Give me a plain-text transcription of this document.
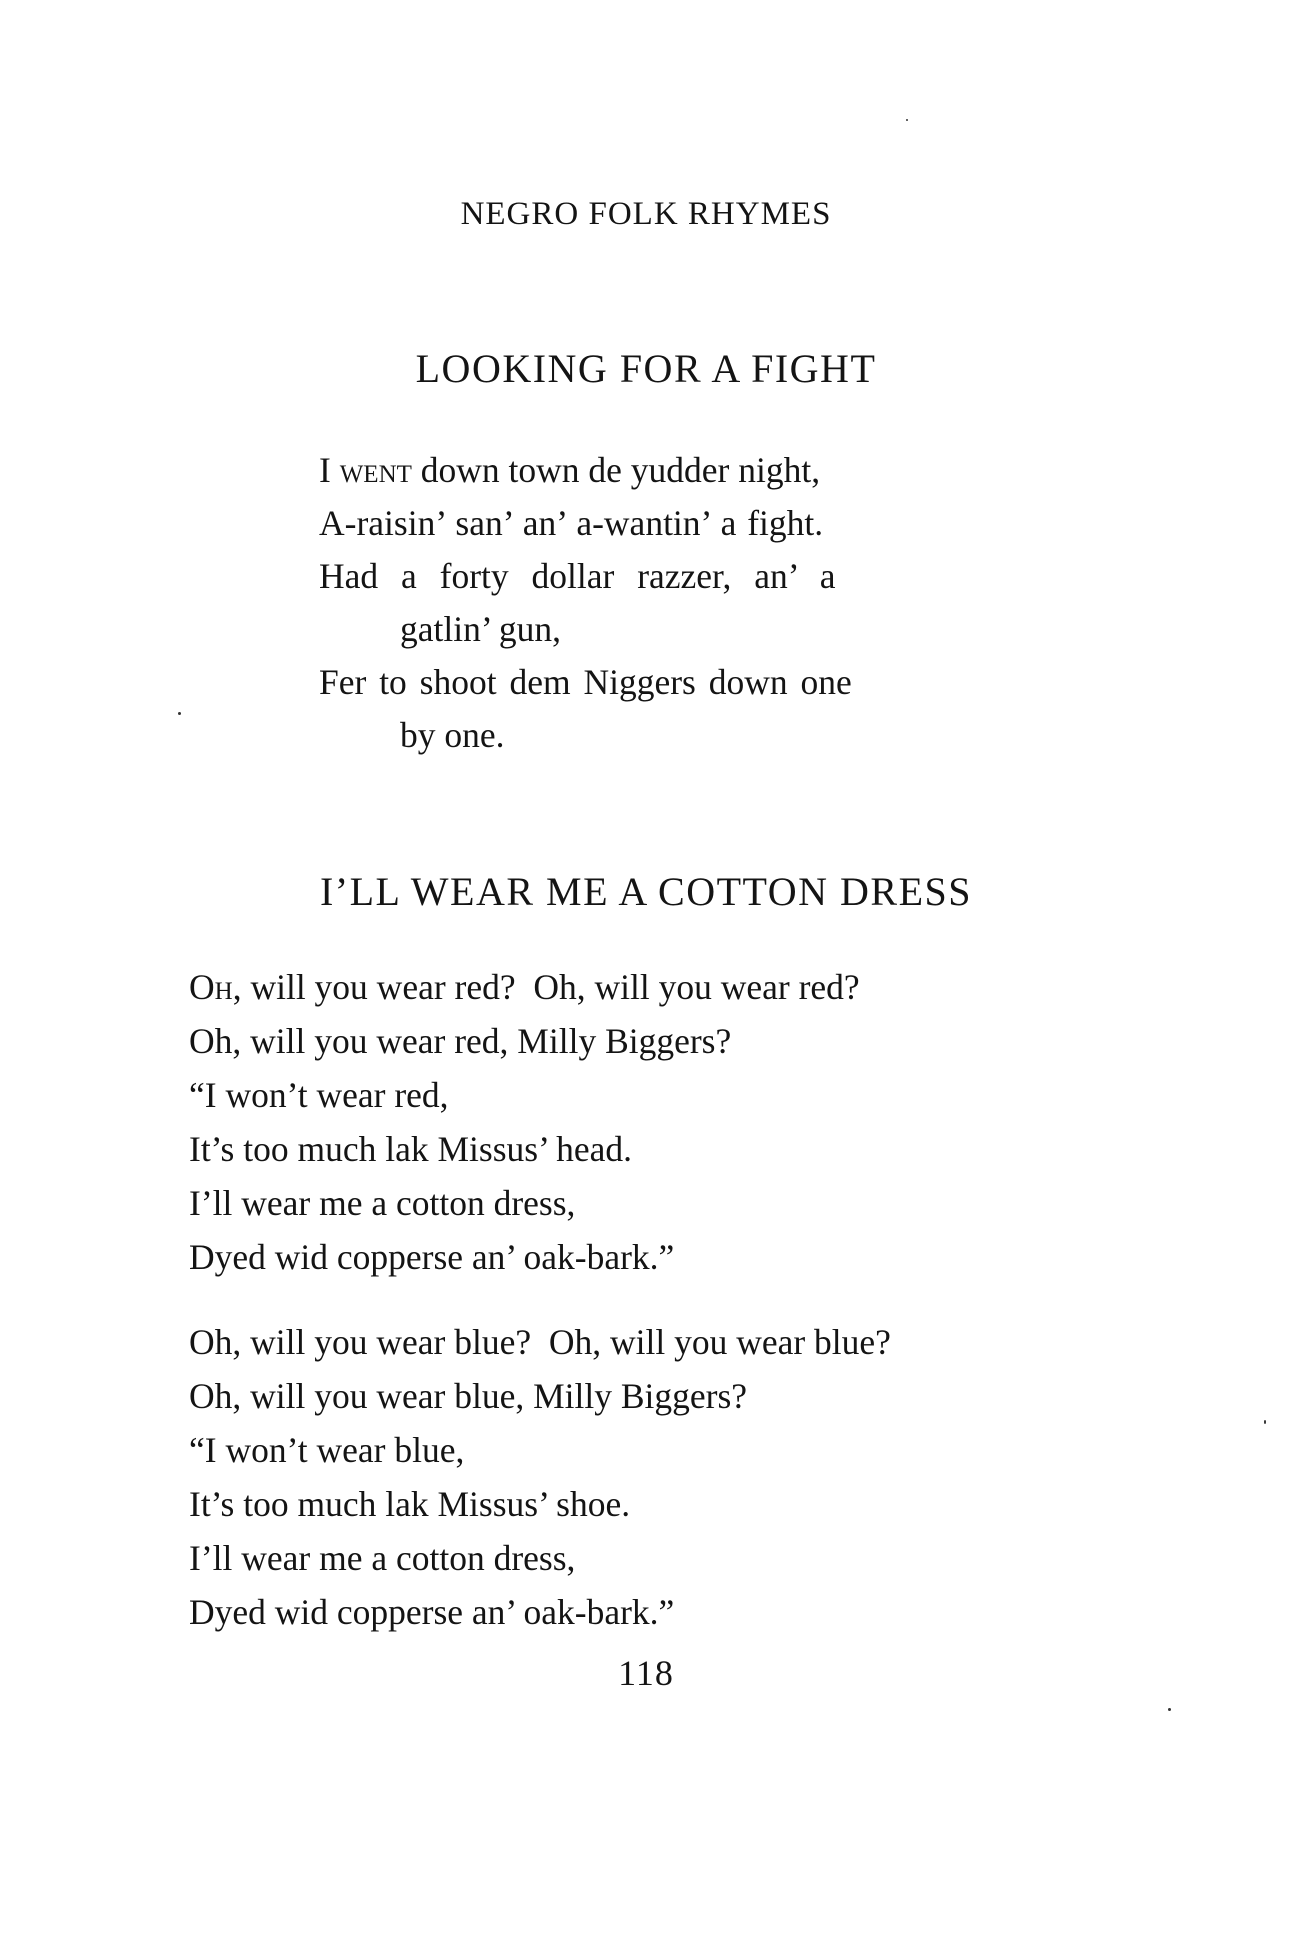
NEGRO FOLK RHYMES
LOOKING FOR A FIGHT
I went down town de yudder night,
A-raisin’ san’ an’ a-wantin’ a fight.
Had a forty dollar razzer, an’ a
gatlin’ gun,
Fer to shoot dem Niggers down one
by one.
I’LL WEAR ME A COTTON DRESS
Oh, will you wear red?  Oh, will you wear red?
Oh, will you wear red, Milly Biggers?
“I won’t wear red,
It’s too much lak Missus’ head.
I’ll wear me a cotton dress,
Dyed wid copperse an’ oak-bark.”
Oh, will you wear blue?  Oh, will you wear blue?
Oh, will you wear blue, Milly Biggers?
“I won’t wear blue,
It’s too much lak Missus’ shoe.
I’ll wear me a cotton dress,
Dyed wid copperse an’ oak-bark.”
118
